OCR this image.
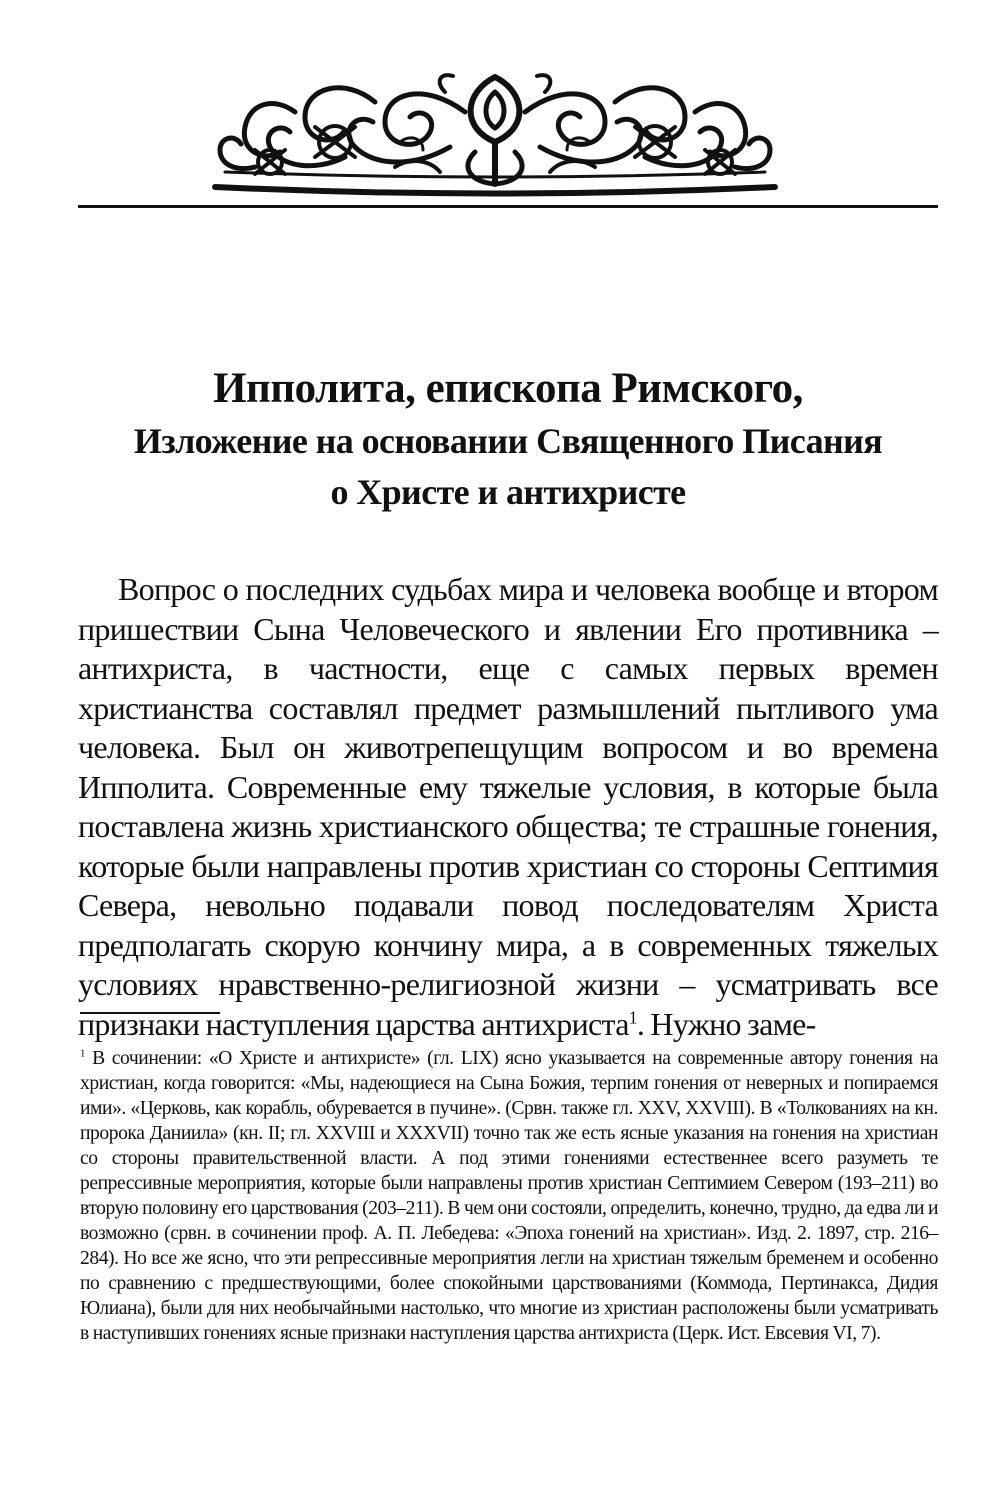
Ипполита, епископа Римского,
Изложение на основании Священного Писания
о Христе и антихристе

Вопрос о последних судьбах мира и человека вообще и втором пришествии Сына Человеческого и явлении Его противника – антихриста, в частности, еще с самых первых времен христианства составлял предмет размышлений пытливого ума человека. Был он животрепещущим вопросом и во времена Ипполита. Современные ему тяжелые условия, в которые была поставлена жизнь христианского общества; те страшные гонения, которые были направлены против христиан со стороны Септимия Севера, невольно подавали повод последователям Христа предполагать скорую кончину мира, а в современных тяжелых условиях нравственно-религиозной жизни – усматривать все признаки наступления царства антихриста$^1$. Нужно заме-

$^1$ В сочинении: «О Христе и антихристе» (гл. LIX) ясно указывается на современные автору гонения на христиан, когда говорится: «Мы, надеющиеся на Сына Божия, терпим гонения от неверных и попираемся ими». «Церковь, как корабль, обуревается в пучине». (Срвн. также гл. XXV, XXVIII). В «Толкованиях на кн. пророка Даниила» (кн. II; гл. XXVIII и XXXVII) точно так же есть ясные указания на гонения на христиан со стороны правительственной власти. А под этими гонениями естественнее всего разуметь те репрессивные мероприятия, которые были направлены против христиан Септимием Севером (193–211) во вторую половину его царствования (203–211). В чем они состояли, определить, конечно, трудно, да едва ли и возможно (срвн. в сочинении проф. А. П. Лебедева: «Эпоха гонений на христиан». Изд. 2. 1897, стр. 216–284). Но все же ясно, что эти репрессивные мероприятия легли на христиан тяжелым бременем и особенно по сравнению с предшествующими, более спокойными царствованиями (Коммода, Пертинакса, Дидия Юлиана), были для них необычайными настолько, что многие из христиан расположены были усматривать в наступивших гонениях ясные признаки наступления царства антихриста (Церк. Ист. Евсевия VI, 7).
